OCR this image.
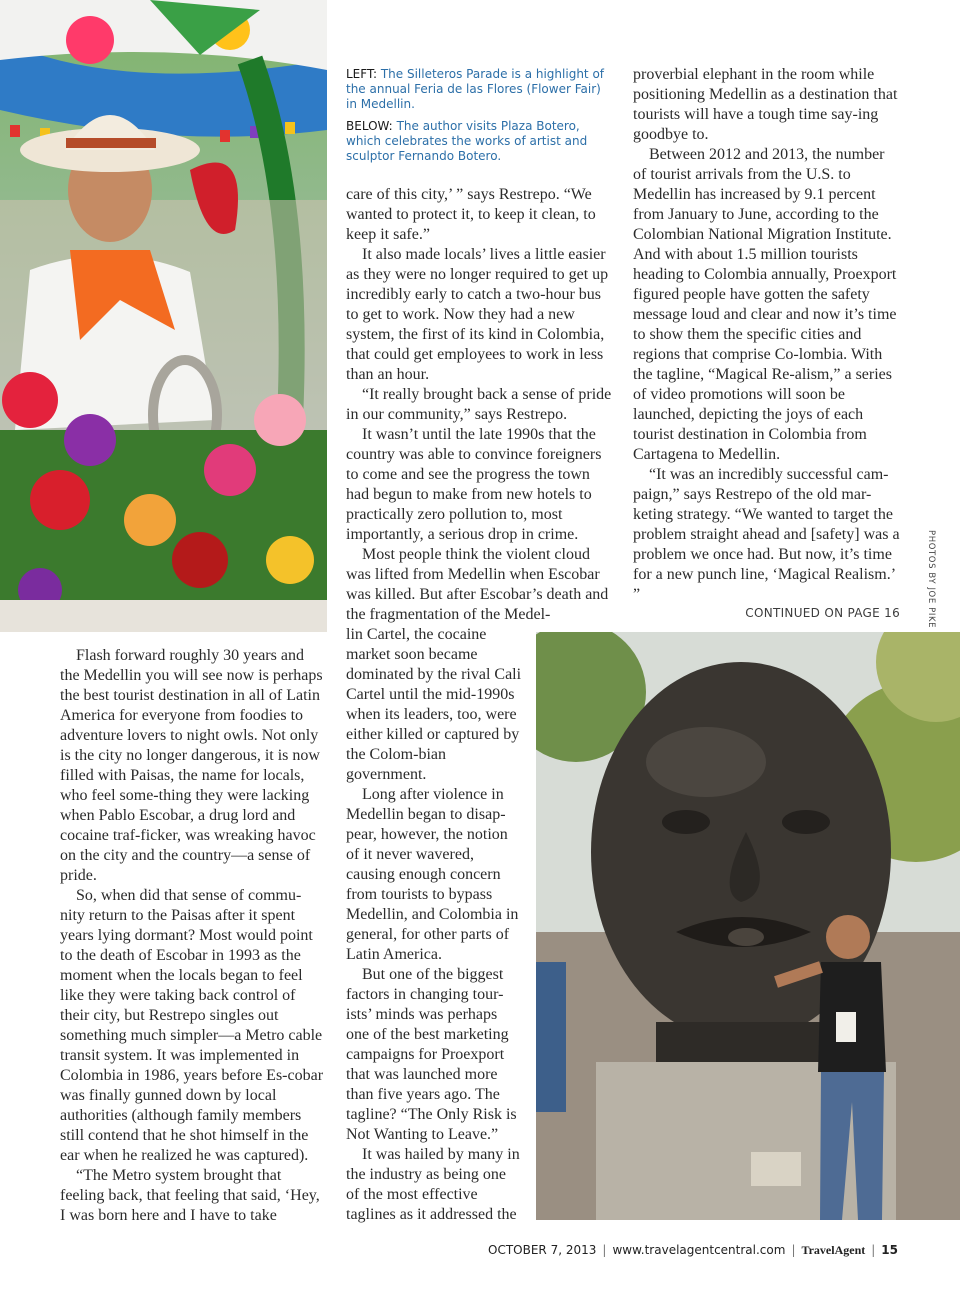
LEFT: The Silleteros Parade is a highlight of the annual Feria de las Flores (Flower Fair) in Medellin.

BELOW: The author visits Plaza Botero, which celebrates the works of artist and sculptor Fernando Botero.

Flash forward roughly 30 years and the Medellin you will see now is perhaps the best tourist destination in all of Latin America for everyone from foodies to adventure lovers to night owls. Not only is the city no longer dangerous, it is now filled with Paisas, the name for locals, who feel some-thing they were lacking when Pablo Escobar, a drug lord and cocaine traf-ficker, was wreaking havoc on the city and the country—a sense of pride.

So, when did that sense of commu-nity return to the Paisas after it spent years lying dormant? Most would point to the death of Escobar in 1993 as the moment when the locals began to feel like they were taking back control of their city, but Restrepo singles out something much simpler—a Metro cable transit system. It was implemented in Colombia in 1986, years before Es-cobar was finally gunned down by local authorities (although family members still contend that he shot himself in the ear when he realized he was captured).

“The Metro system brought that feeling back, that feeling that said, ‘Hey, I was born here and I have to take

care of this city,’ ” says Restrepo. “We wanted to protect it, to keep it clean, to keep it safe.”

It also made locals’ lives a little easier as they were no longer required to get up incredibly early to catch a two-hour bus to get to work. Now they had a new system, the first of its kind in Colombia, that could get employees to work in less than an hour.

“It really brought back a sense of pride in our community,” says Restrepo.

It wasn’t until the late 1990s that the country was able to convince foreigners to come and see the progress the town had begun to make from new hotels to practically zero pollution to, most importantly, a serious drop in crime.

Most people think the violent cloud was lifted from Medellin when Escobar was killed. But after Escobar’s death and the fragmentation of the Medel-

lin Cartel, the cocaine market soon became dominated by the rival Cali Cartel until the mid-1990s when its leaders, too, were either killed or captured by the Colom-bian government.

Long after violence in Medellin began to disap-pear, however, the notion of it never wavered, causing enough concern from tourists to bypass Medellin, and Colombia in general, for other parts of Latin America.

But one of the biggest factors in changing tour-ists’ minds was perhaps one of the best marketing campaigns for Proexport that was launched more than five years ago. The tagline? “The Only Risk is Not Wanting to Leave.”

It was hailed by many in the industry as being one of the most effective taglines as it addressed the

proverbial elephant in the room while positioning Medellin as a destination that tourists will have a tough time say-ing goodbye to.

Between 2012 and 2013, the number of tourist arrivals from the U.S. to Medellin has increased by 9.1 percent from January to June, according to the Colombian National Migration Institute. And with about 1.5 million tourists heading to Colombia annually, Proexport figured people have gotten the safety message loud and clear and now it’s time to show them the specific cities and regions that comprise Co-lombia. With the tagline, “Magical Re-alism,” a series of video promotions will soon be launched, depicting the joys of each tourist destination in Colombia from Cartagena to Medellin.

“It was an incredibly successful cam-paign,” says Restrepo of the old mar-keting strategy. “We wanted to target the problem straight ahead and [safety] was a problem we once had. But now, it’s time for a new punch line, ‘Magical Realism.’ ”

CONTINUED ON PAGE 16	PHOTOS BY JOE PIKE

OCTOBER 7, 2013 | www.travelagentcentral.com | TravelAgent | 15
